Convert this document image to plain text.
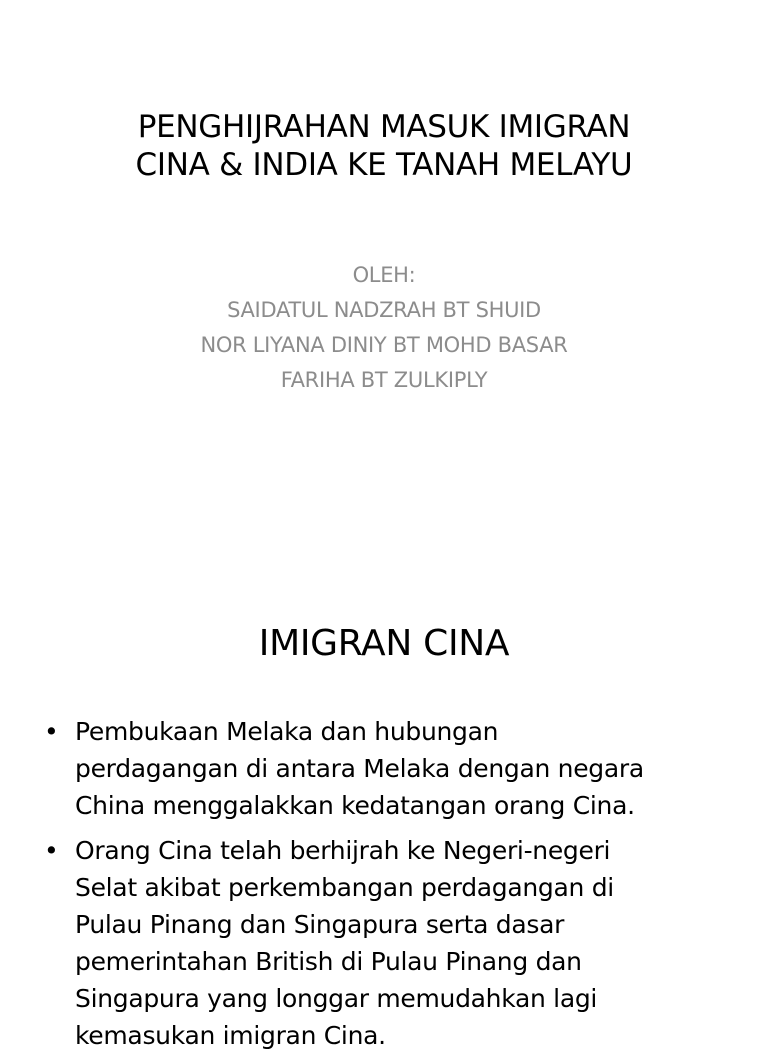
PENGHIJRAHAN MASUK IMIGRAN
CINA & INDIA KE TANAH MELAYU
OLEH:
SAIDATUL NADZRAH BT SHUID
NOR LIYANA DINIY BT MOHD BASAR
FARIHA BT ZULKIPLY
IMIGRAN CINA
• Pembukaan Melaka dan hubungan
perdagangan di antara Melaka dengan negara
China menggalakkan kedatangan orang Cina.
• Orang Cina telah berhijrah ke Negeri-negeri
Selat akibat perkembangan perdagangan di
Pulau Pinang dan Singapura serta dasar
pemerintahan British di Pulau Pinang dan
Singapura yang longgar memudahkan lagi
kemasukan imigran Cina.
